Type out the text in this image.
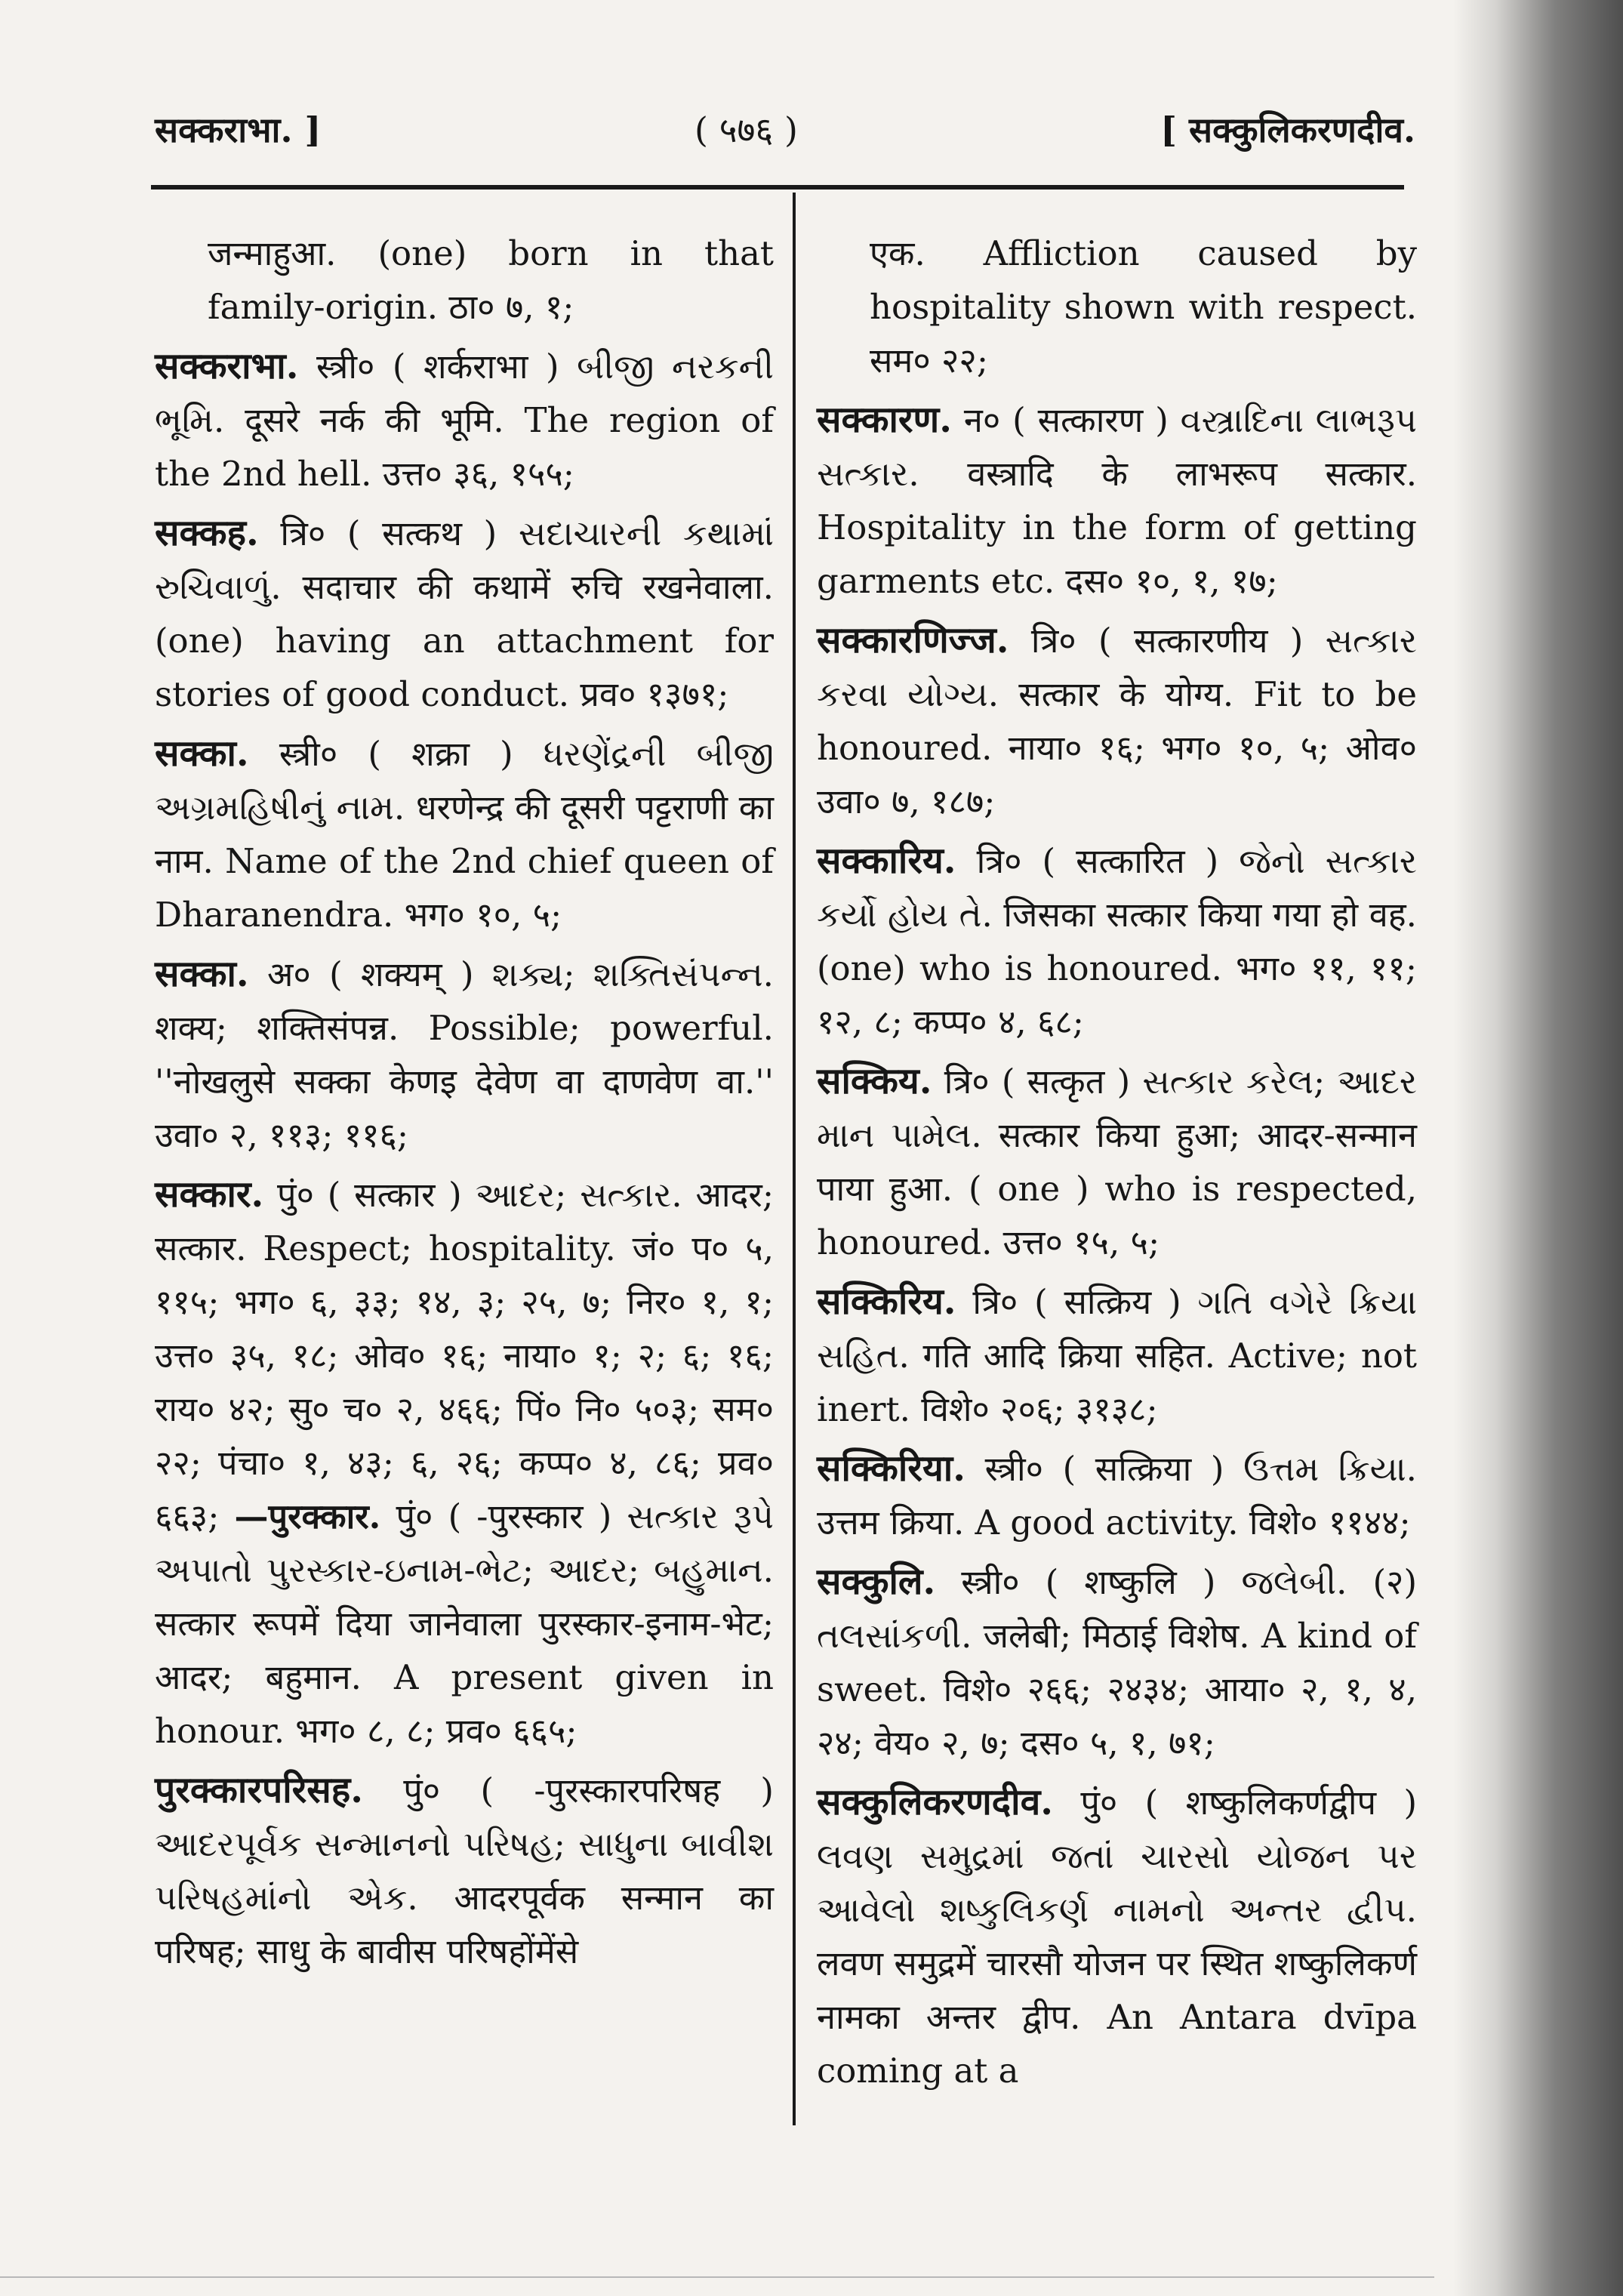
सक्कराभा. ]	( ५७६ )	[ सक्कुलिकरणदीव.
जन्माहुआ. (one) born in that family-origin. ठा० ७, १;
सक्कराभा. स्त्री० ( शर्कराभा ) બીજી નરકની ભૂમિ. दूसरे नर्क की भूमि. The region of the 2nd hell. उत्त० ३६, १५५;
सक्कह. त्रि० ( सत्कथ ) સદાચારની કથામાં રુચિવાળું. सदाचार की कथामें रुचि रखनेवाला. (one) having an attachment for stories of good conduct. प्रव० १३७१;
सक्का. स्त्री० ( शक्रा ) ધરણેંદ્રની બીજી અગ્રમહિષીનું નામ. धरणेन्द्र की दूसरी पट्टराणी का नाम. Name of the 2nd chief queen of Dharanendra. भग० १०, ५;
सक्का. अ० ( शक्यम् ) શક્ય; શક્તિસંપન્ન. शक्य; शक्तिसंपन्न. Possible; powerful. ''नोखलुसे सक्का केणइ देवेण वा दाणवेण वा.'' उवा० २, ११३; ११६;
सक्कार. पुं० ( सत्कार ) આદર; સત્કાર. आदर; सत्कार. Respect; hospitality. जं० प० ५, ११५; भग० ६, ३३; १४, ३; २५, ७; निर० १, १; उत्त० ३५, १८; ओव० १६; नाया० १; २; ६; १६; राय० ४२; सु० च० २, ४६६; पिं० नि० ५०३; सम० २२; पंचा० १, ४३; ६, २६; कप्प० ४, ८६; प्रव० ६६३; —पुरक्कार. पुं० ( -पुरस्कार ) સત્કાર રૂપે અપાતો પુરસ્કાર-ઇનામ-ભેટ; આદર; બહુમાન. सत्कार रूपमें दिया जानेवाला पुरस्कार-इनाम-भेट; आदर; बहुमान. A present given in honour. भग० ८, ८; प्रव० ६६५;
पुरक्कारपरिसह. पुं० ( -पुरस्कारपरिषह ) આદરપૂર્વક સન્માનનો પરિષહ; સાધુના બાવીશ પરિષહમાંનો એક. आदरपूर्वक सन्मान का परिषह; साधु के बावीस परिषहोंमेंसे
एक. Affliction caused by hospitality shown with respect. सम० २२;
सक्कारण. न० ( सत्कारण ) વસ્ત્રાદિના લાભરૂપ સત્કાર. वस्त्रादि के लाभरूप सत्कार. Hospitality in the form of getting garments etc. दस० १०, १, १७;
सक्कारणिज्ज. त्रि० ( सत्कारणीय ) સત્કાર કરવા યોગ્ય. सत्कार के योग्य. Fit to be honoured. नाया० १६; भग० १०, ५; ओव० उवा० ७, १८७;
सक्कारिय. त्रि० ( सत्कारित ) જેનો સત્કાર કર્યો હોય તે. जिसका सत्कार किया गया हो वह. (one) who is honoured. भग० ११, ११; १२, ८; कप्प० ४, ६८;
सक्किय. त्रि० ( सत्कृत ) સત્કાર કરેલ; આદર માન પામેલ. सत्कार किया हुआ; आदर-सन्मान पाया हुआ. ( one ) who is respected, honoured. उत्त० १५, ५;
सक्किरिय. त्रि० ( सत्क्रिय ) ગતિ વગેરે ક્રિયા સહિત. गति आदि क्रिया सहित. Active; not inert. विशे० २०६; ३१३८;
सक्किरिया. स्त्री० ( सत्क्रिया ) ઉત્તમ ક્રિયા. उत्तम क्रिया. A good activity. विशे० ११४४;
सक्कुलि. स्त्री० ( शष्कुलि ) જલેબી. (२) તલસાંકળી. जलेबी; मिठाई विशेष. A kind of sweet. विशे० २६६; २४३४; आया० २, १, ४, २४; वेय० २, ७; दस० ५, १, ७१;
सक्कुलिकरणदीव. पुं० ( शष्कुलिकर्णद्वीप ) લવણ સમુદ્રમાં જતાં ચારસો યોજન પર આવેલો શષ્કુલિકર્ણ નામનો અન્તર દ્વીપ. लवण समुद्रमें चारसौ योजन पर स्थित शष्कुलिकर्ण नामका अन्तर द्वीप. An Antara dvīpa coming at a
